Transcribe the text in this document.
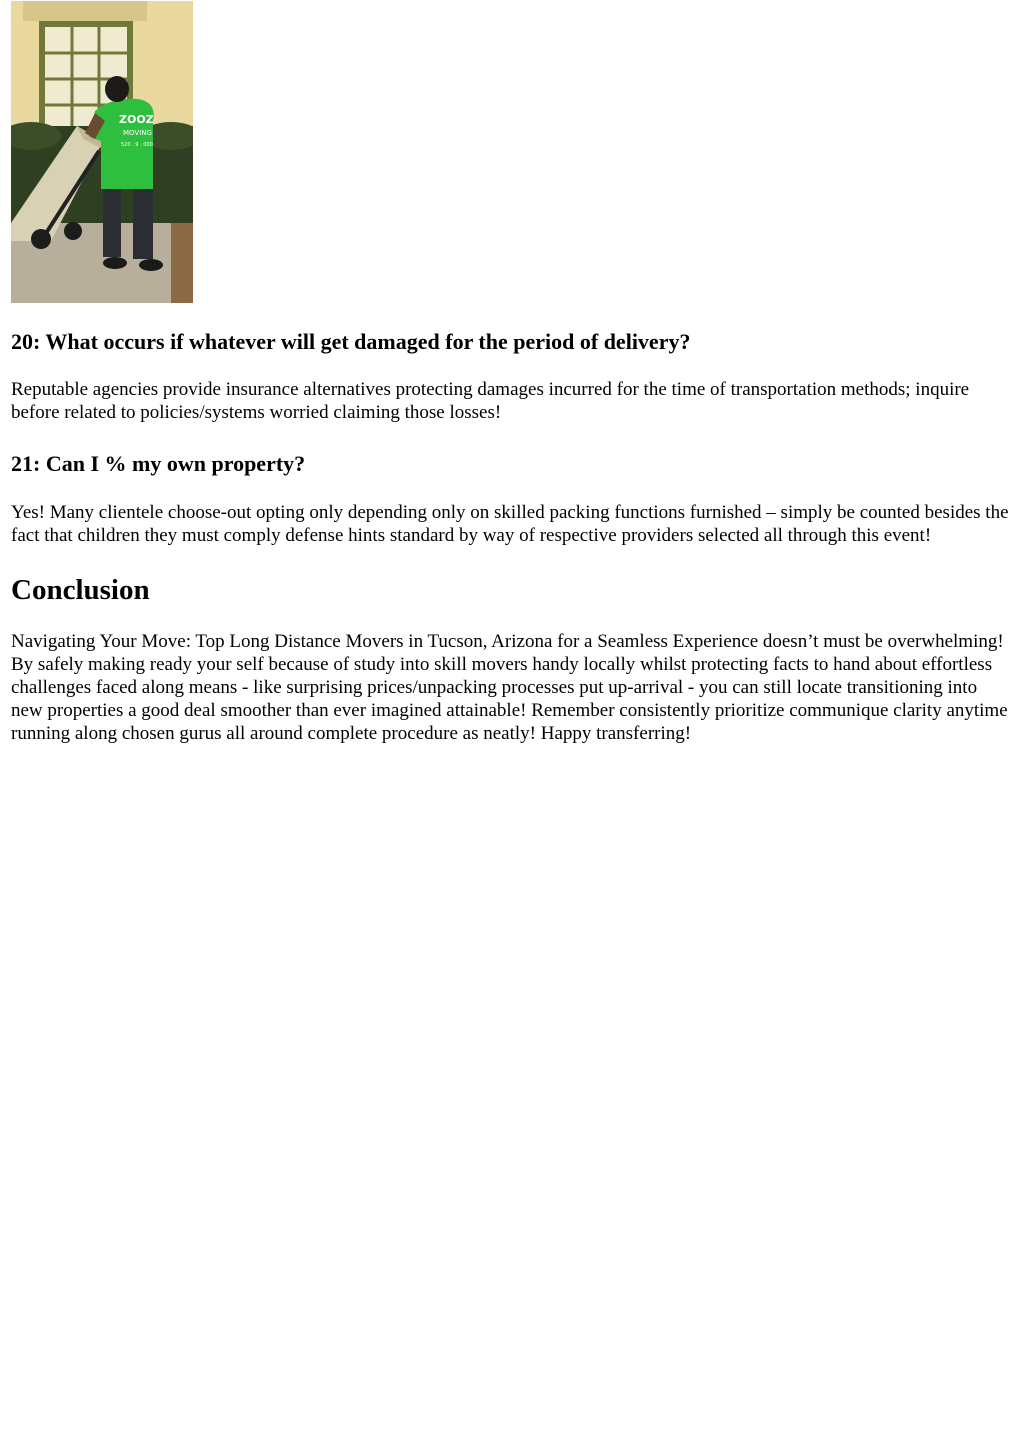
ZOOZ
MOVING
520 . 9 . 000
20: What occurs if whatever will get damaged for the period of delivery?

Reputable agencies provide insurance alternatives protecting damages incurred for the time of transportation methods; inquire before related to policies/systems worried claiming those losses!

21: Can I % my own property?

Yes! Many clientele choose-out opting only depending only on skilled packing functions furnished – simply be counted besides the fact that children they must comply defense hints standard by way of respective providers selected all through this event!

Conclusion

Navigating Your Move: Top Long Distance Movers in Tucson, Arizona for a Seamless Experience doesn’t must be overwhelming! By safely making ready your self because of study into skill movers handy locally whilst protecting facts to hand about effortless challenges faced along means - like surprising prices/unpacking processes put up-arrival - you can still locate transitioning into new properties a good deal smoother than ever imagined attainable! Remember consistently prioritize communique clarity anytime running along chosen gurus all around complete procedure as neatly! Happy transferring!
